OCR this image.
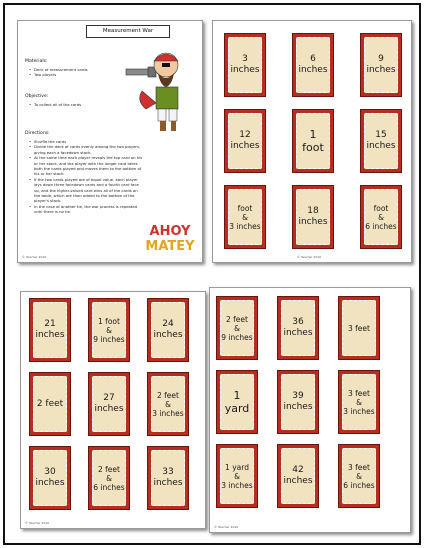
Measurement War
Materials:
• Deck of measurement cards
• Two players
Objective:
• To collect all of the cards
Directions:
• Shuffle the cards
• Divide the deck of cards evenly among the two players, giving each a facedown stack.
• At the same time each player reveals the top card on his or her stack, and the player with the longer card takes both the cards played and moves them to the bottom of his or her stack.
• If the two cards played are of equal value, each player lays down three facedown cards and a fourth card face up, and the higher-valued card wins all of the cards on the table, which are then added to the bottom of the player's stack.
• In the case of another tie, the war process is repeated until there is no tie.
AHOY
MATEY
© Teacher 2010
3
inches
6
inches
9
inches
12
inches
1
foot
15
inches
foot
&
3 inches
18
inches
foot
&
6 inches
© Teacher 2010
21
inches
1 foot
&
9 inches
24
inches
2 feet
27
inches
2 feet
&
3 inches
30
inches
2 feet
&
6 inches
33
inches
© Teacher 2010
2 feet
&
9 inches
36
inches	3 feet
1
yard
39
inches
3 feet
&
3 inches
1 yard
&
3 inches
42
inches
3 feet
&
6 inches
© Teacher 2010
